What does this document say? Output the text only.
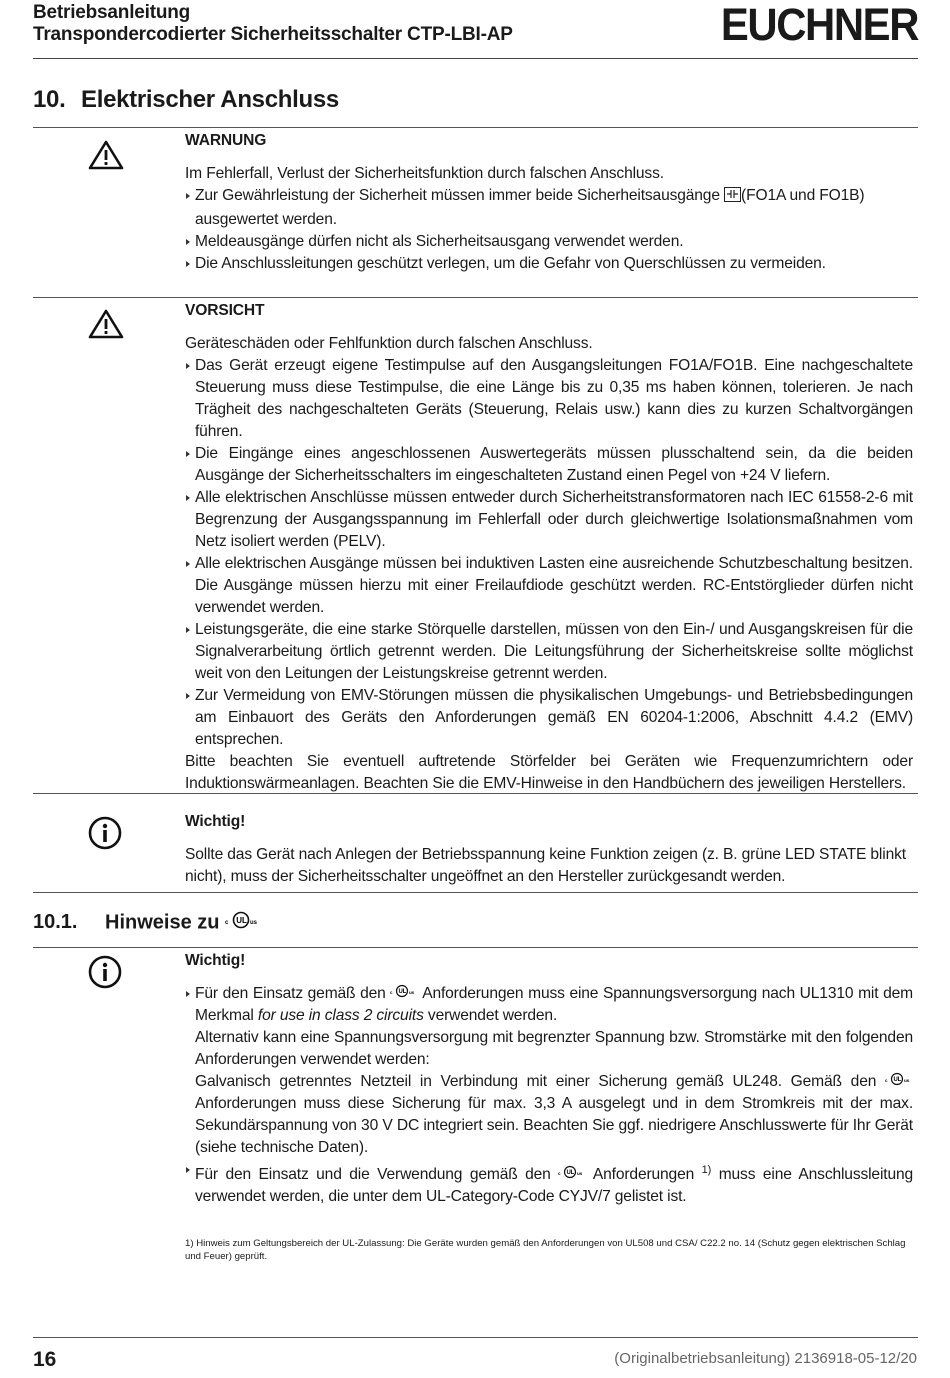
Betriebsanleitung
Transpondercodierter Sicherheitsschalter CTP-LBI-AP	EUCHNER
10. Elektrischer Anschluss
WARNUNG

Im Fehlerfall, Verlust der Sicherheitsfunktion durch falschen Anschluss.

Zur Gewährleistung der Sicherheit müssen immer beide Sicherheitsausgänge (FO1A und FO1B) ausgewertet werden.
Meldeausgänge dürfen nicht als Sicherheitsausgang verwendet werden.
Die Anschlussleitungen geschützt verlegen, um die Gefahr von Querschlüssen zu vermeiden.
VORSICHT

Geräteschäden oder Fehlfunktion durch falschen Anschluss.

Das Gerät erzeugt eigene Testimpulse auf den Ausgangsleitungen FO1A/FO1B. Eine nachgeschaltete Steuerung muss diese Testimpulse, die eine Länge bis zu 0,35 ms haben können, tolerieren. Je nach Trägheit des nachgeschalteten Geräts (Steuerung, Relais usw.) kann dies zu kurzen Schaltvorgängen führen.
Die Eingänge eines angeschlossenen Auswertegeräts müssen plusschaltend sein, da die beiden Ausgänge der Sicherheitsschalters im eingeschalteten Zustand einen Pegel von +24 V liefern.
Alle elektrischen Anschlüsse müssen entweder durch Sicherheitstransformatoren nach IEC 61558-2-6 mit Begrenzung der Ausgangsspannung im Fehlerfall oder durch gleichwertige Isolationsmaßnahmen vom Netz isoliert werden (PELV).
Alle elektrischen Ausgänge müssen bei induktiven Lasten eine ausreichende Schutzbeschaltung besitzen. Die Ausgänge müssen hierzu mit einer Freilaufdiode geschützt werden. RC-Entstörglieder dürfen nicht verwendet werden.
Leistungsgeräte, die eine starke Störquelle darstellen, müssen von den Ein-/ und Ausgangskreisen für die Signalverarbeitung örtlich getrennt werden. Die Leitungsführung der Sicherheitskreise sollte möglichst weit von den Leitungen der Leistungskreise getrennt werden.
Zur Vermeidung von EMV-Störungen müssen die physikalischen Umgebungs- und Betriebsbedingungen am Einbauort des Geräts den Anforderungen gemäß EN 60204-1:2006, Abschnitt 4.4.2 (EMV) entsprechen.

Bitte beachten Sie eventuell auftretende Störfelder bei Geräten wie Frequenzumrichtern oder Induktionswärmeanlagen. Beachten Sie die EMV-Hinweise in den Handbüchern des jeweiligen Herstellers.

Wichtig!

Sollte das Gerät nach Anlegen der Betriebsspannung keine Funktion zeigen (z. B. grüne LED STATE blinkt nicht), muss der Sicherheitsschalter ungeöffnet an den Hersteller zurückgesandt werden.

10.1. Hinweise zu c UL us
Wichtig!
Für den Einsatz gemäß den c UL us Anforderungen muss eine Spannungsversorgung nach UL1310 mit dem Merkmal for use in class 2 circuits verwendet werden.

Alternativ kann eine Spannungsversorgung mit begrenzter Spannung bzw. Stromstärke mit den folgenden Anforderungen verwendet werden:

Galvanisch getrenntes Netzteil in Verbindung mit einer Sicherung gemäß UL248. Gemäß den c UL us
Anforderungen muss diese Sicherung für max. 3,3 A ausgelegt und in dem Stromkreis mit der max. Sekundärspannung von 30 V DC integriert sein. Beachten Sie ggf. niedrigere Anschlusswerte für Ihr Gerät (siehe technische Daten).

Für den Einsatz und die Verwendung gemäß den c UL us Anforderungen $^{1)}$ muss eine Anschlussleitung verwendet werden, die unter dem UL-Category-Code CYJV/7 gelistet ist.
1) Hinweis zum Geltungsbereich der UL-Zulassung: Die Geräte wurden gemäß den Anforderungen von UL508 und CSA/ C22.2 no. 14 (Schutz gegen elektrischen Schlag und Feuer) geprüft.
16	(Originalbetriebsanleitung) 2136918-05-12/20
